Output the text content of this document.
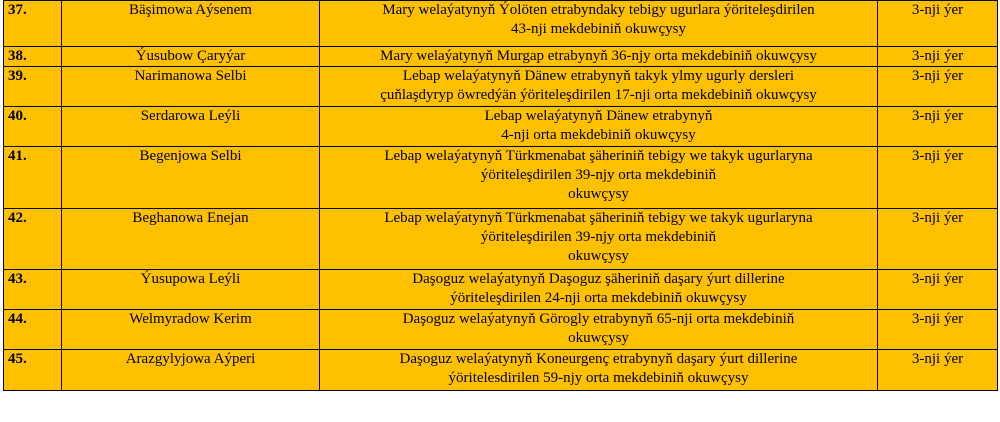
37.	Bäşimowa Aýsenem	Mary welaýatynyň Ýolöten etrabyndaky tebigy ugurlara ýöriteleşdirilen
43-nji mekdebiniň okuwçysy	3-nji ýer
38.	Ýusubow Çaryýar	Mary welaýatynyň Murgap etrabynyň 36-njy orta mekdebiniň okuwçysy	3-nji ýer
39.	Narimanowa Selbi	Lebap welaýatynyň Dänew etrabynyň takyk ylmy ugurly dersleri
çuňlaşdyryp öwredýän ýöriteleşdirilen 17-nji orta mekdebiniň okuwçysy	3-nji ýer
40.	Serdarowa Leýli	Lebap welaýatynyň Dänew etrabynyň
4-nji orta mekdebiniň okuwçysy	3-nji ýer
41.	Begenjowa Selbi	Lebap welaýatynyň Türkmenabat şäheriniň tebigy we takyk ugurlaryna
ýöriteleşdirilen 39-njy orta mekdebiniň
okuwçysy	3-nji ýer
42.	Beghanowa Enejan	Lebap welaýatynyň Türkmenabat şäheriniň tebigy we takyk ugurlaryna
ýöriteleşdirilen 39-njy orta mekdebiniň
okuwçysy	3-nji ýer
43.	Ýusupowa Leýli	Daşoguz welaýatynyň Daşoguz şäheriniň daşary ýurt dillerine
ýöriteleşdirilen 24-nji orta mekdebiniň okuwçysy	3-nji ýer
44.	Welmyradow Kerim	Daşoguz welaýatynyň Görogly etrabynyň 65-nji orta mekdebiniň
okuwçysy	3-nji ýer
45.	Arazgylyjowa Aýperi	Daşoguz welaýatynyň Koneurgenç etrabynyň daşary ýurt dillerine
ýöritelesdirilen 59-njy orta mekdebiniň okuwçysy	3-nji ýer
